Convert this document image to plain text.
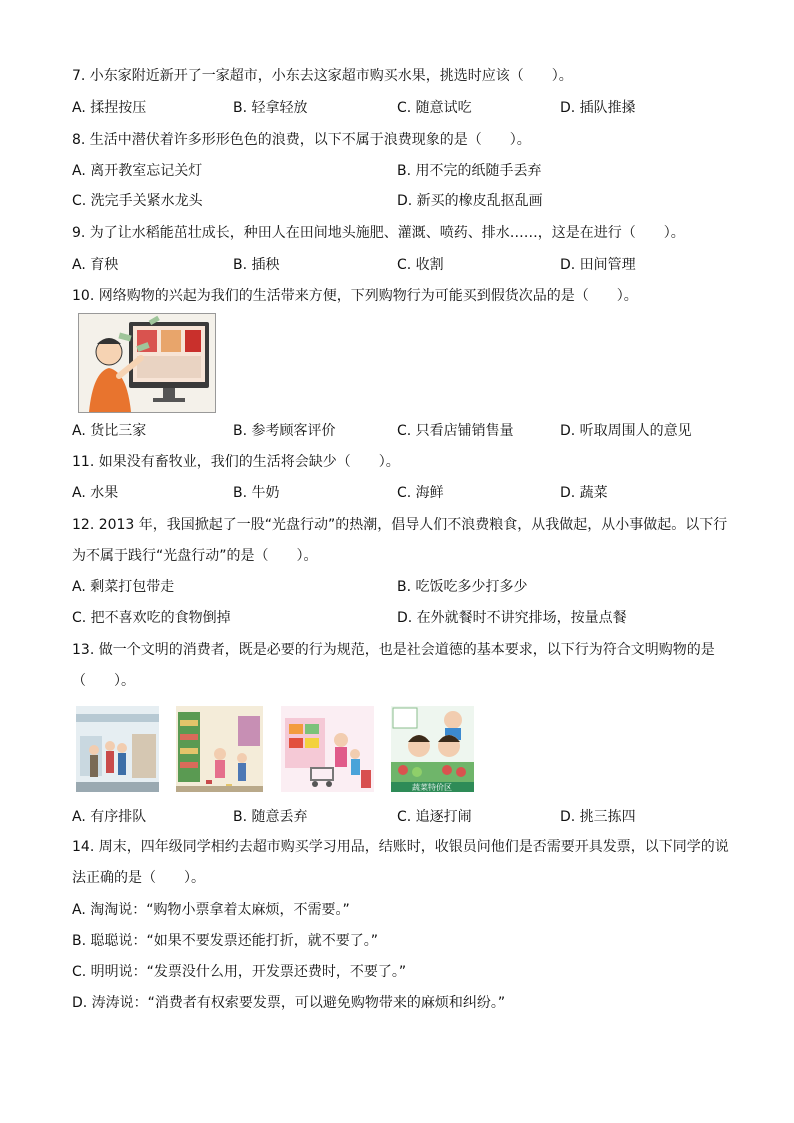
7. 小东家附近新开了一家超市，小东去这家超市购买水果，挑选时应该（　　）。
A. 揉捏按压	B. 轻拿轻放	C. 随意试吃	D. 插队推搡
8. 生活中潜伏着许多形形色色的浪费，以下不属于浪费现象的是（　　）。
A. 离开教室忘记关灯	B. 用不完的纸随手丢弃
C. 洗完手关紧水龙头	D. 新买的橡皮乱抠乱画
9. 为了让水稻能茁壮成长，种田人在田间地头施肥、灌溉、喷药、排水……，这是在进行（　　）。
A. 育秧	B. 插秧	C. 收割	D. 田间管理
10. 网络购物的兴起为我们的生活带来方便，下列购物行为可能买到假货次品的是（　　）。
A. 货比三家	B. 参考顾客评价	C. 只看店铺销售量	D. 听取周围人的意见
11. 如果没有畜牧业，我们的生活将会缺少（　　）。
A. 水果	B. 牛奶	C. 海鲜	D. 蔬菜
12. 2013 年，我国掀起了一股“光盘行动”的热潮，倡导人们不浪费粮食，从我做起，从小事做起。以下行
为不属于践行“光盘行动”的是（　　）。
A. 剩菜打包带走	B. 吃饭吃多少打多少
C. 把不喜欢吃的食物倒掉	D. 在外就餐时不讲究排场，按量点餐
13. 做一个文明的消费者，既是必要的行为规范，也是社会道德的基本要求，以下行为符合文明购物的是
（　　）。
蔬菜特价区
A. 有序排队	B. 随意丢弃	C. 追逐打闹	D. 挑三拣四
14. 周末，四年级同学相约去超市购买学习用品，结账时，收银员问他们是否需要开具发票，以下同学的说
法正确的是（　　）。
A. 淘淘说：“购物小票拿着太麻烦，不需要。”
B. 聪聪说：“如果不要发票还能打折，就不要了。”
C. 明明说：“发票没什么用，开发票还费时，不要了。”
D. 涛涛说：“消费者有权索要发票，可以避免购物带来的麻烦和纠纷。”
